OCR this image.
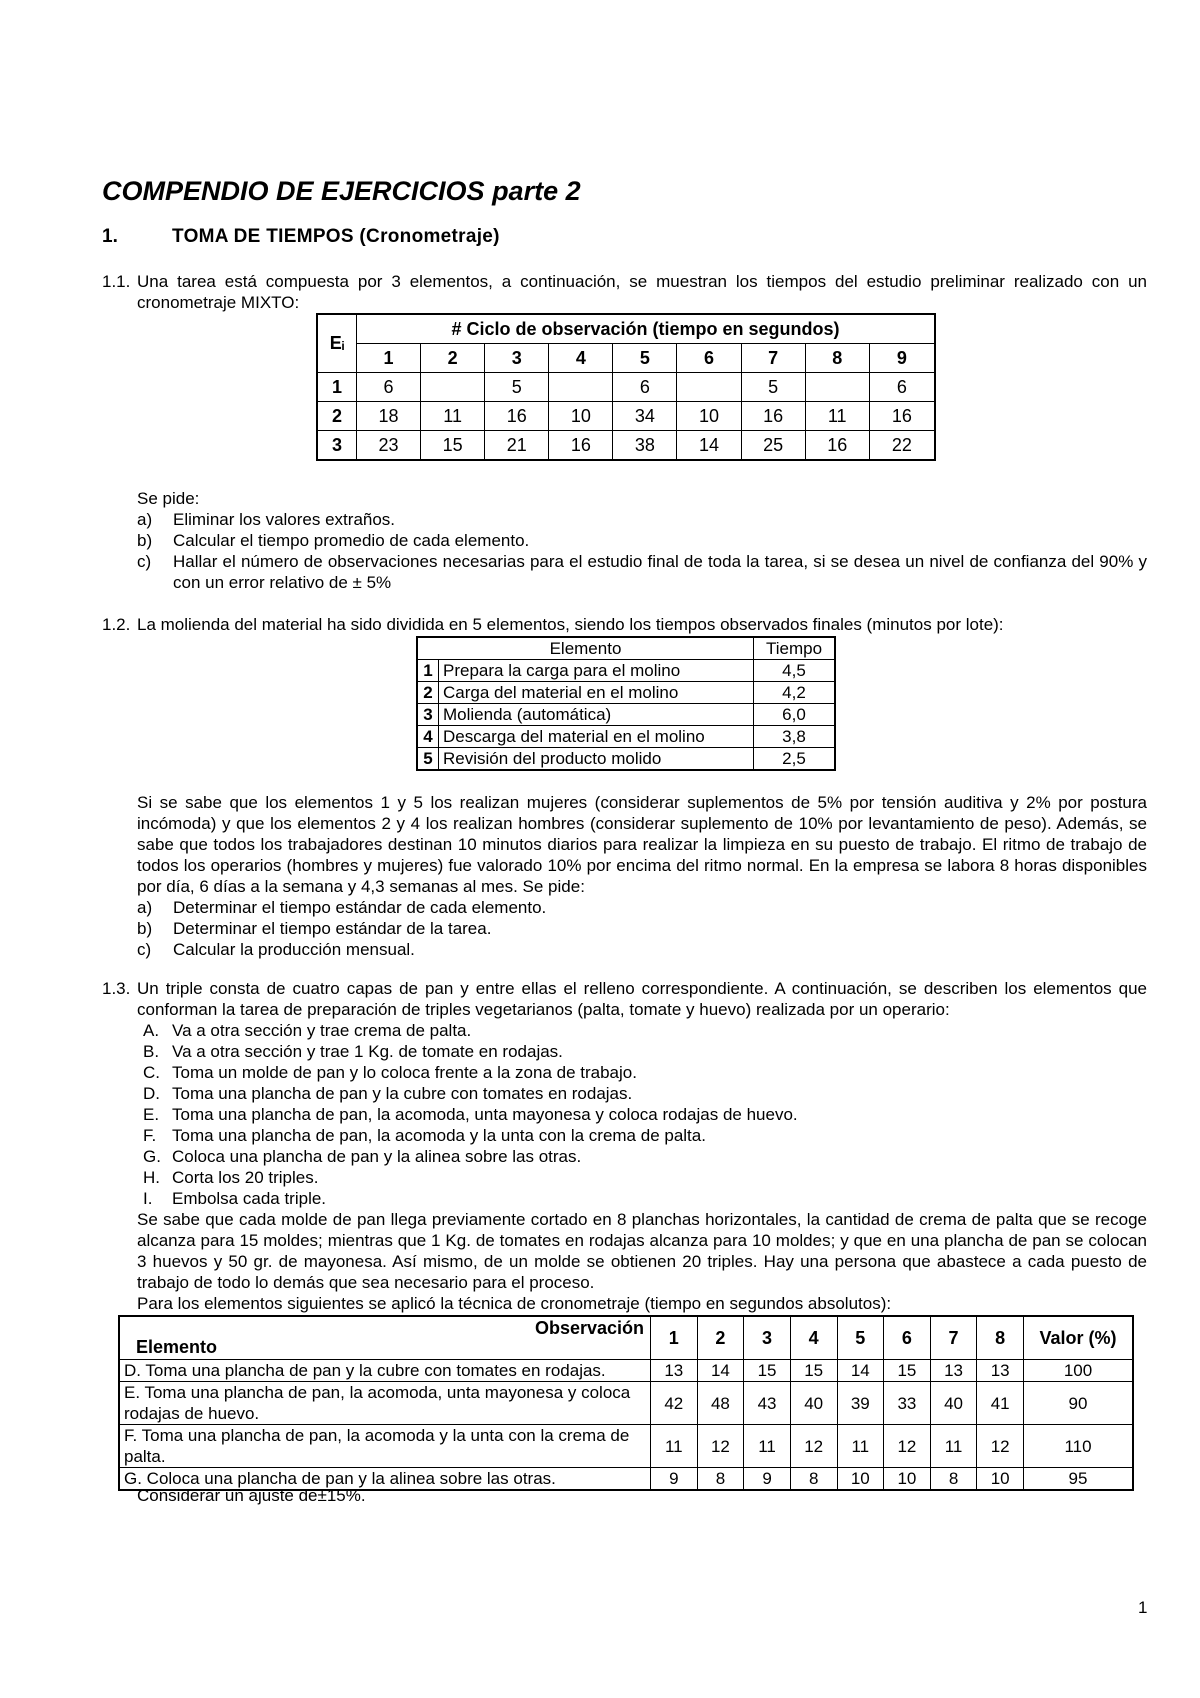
COMPENDIO DE EJERCICIOS parte 2
1.	TOMA DE TIEMPOS (Cronometraje)
1.1. Una tarea está compuesta por 3 elementos, a continuación, se muestran los tiempos del estudio preliminar realizado con un cronometraje MIXTO:
Eᵢ	# Ciclo de observación (tiempo en segundos)								
	1	2	3	4	5	6	7	8	9
1	6		5		6		5		6
2	18	11	16	10	34	10	16	11	16
3	23	15	21	16	38	14	25	16	22
Se pide:
a) Eliminar los valores extraños.
b) Calcular el tiempo promedio de cada elemento.
c) Hallar el número de observaciones necesarias para el estudio final de toda la tarea, si se desea un nivel de confianza del 90% y con un error relativo de ± 5%
1.2. La molienda del material ha sido dividida en 5 elementos, siendo los tiempos observados finales (minutos por lote):
Elemento		Tiempo
1	Prepara la carga para el molino	4,5
2	Carga del material en el molino	4,2
3	Molienda (automática)	6,0
4	Descarga del material en el molino	3,8
5	Revisión del producto molido	2,5
Si se sabe que los elementos 1 y 5 los realizan mujeres (considerar suplementos de 5% por tensión auditiva y 2% por postura incómoda) y que los elementos 2 y 4 los realizan hombres (considerar suplemento de 10% por levantamiento de peso). Además, se sabe que todos los trabajadores destinan 10 minutos diarios para realizar la limpieza en su puesto de trabajo. El ritmo de trabajo de todos los operarios (hombres y mujeres) fue valorado 10% por encima del ritmo normal. En la empresa se labora 8 horas disponibles por día, 6 días a la semana y 4,3 semanas al mes. Se pide:
a) Determinar el tiempo estándar de cada elemento.
b) Determinar el tiempo estándar de la tarea.
c) Calcular la producción mensual.
1.3. Un triple consta de cuatro capas de pan y entre ellas el relleno correspondiente. A continuación, se describen los elementos que conforman la tarea de preparación de triples vegetarianos (palta, tomate y huevo) realizada por un operario:
A. Va a otra sección y trae crema de palta.
B. Va a otra sección y trae 1 Kg. de tomate en rodajas.
C. Toma un molde de pan y lo coloca frente a la zona de trabajo.
D. Toma una plancha de pan y la cubre con tomates en rodajas.
E. Toma una plancha de pan, la acomoda, unta mayonesa y coloca rodajas de huevo.
F. Toma una plancha de pan, la acomoda y la unta con la crema de palta.
G. Coloca una plancha de pan y la alinea sobre las otras.
H. Corta los 20 triples.
I. Embolsa cada triple.
Se sabe que cada molde de pan llega previamente cortado en 8 planchas horizontales, la cantidad de crema de palta que se recoge alcanza para 15 moldes; mientras que 1 Kg. de tomates en rodajas alcanza para 10 moldes; y que en una plancha de pan se colocan 3 huevos y 50 gr. de mayonesa. Así mismo, de un molde se obtienen 20 triples. Hay una persona que abastece a cada puesto de trabajo de todo lo demás que sea necesario para el proceso.
Para los elementos siguientes se aplicó la técnica de cronometraje (tiempo en segundos absolutos):
Observación
Elemento	1	2	3	4	5	6	7	8	Valor (%)
D. Toma una plancha de pan y la cubre con tomates en rodajas.	13	14	15	15	14	15	13	13	100
E. Toma una plancha de pan, la acomoda, unta mayonesa y coloca rodajas de huevo.	42	48	43	40	39	33	40	41	90
F. Toma una plancha de pan, la acomoda y la unta con la crema de palta.	11	12	11	12	11	12	11	12	110
G. Coloca una plancha de pan y la alinea sobre las otras.	9	8	9	8	10	10	8	10	95
Considerar un ajuste de±15%.
1
